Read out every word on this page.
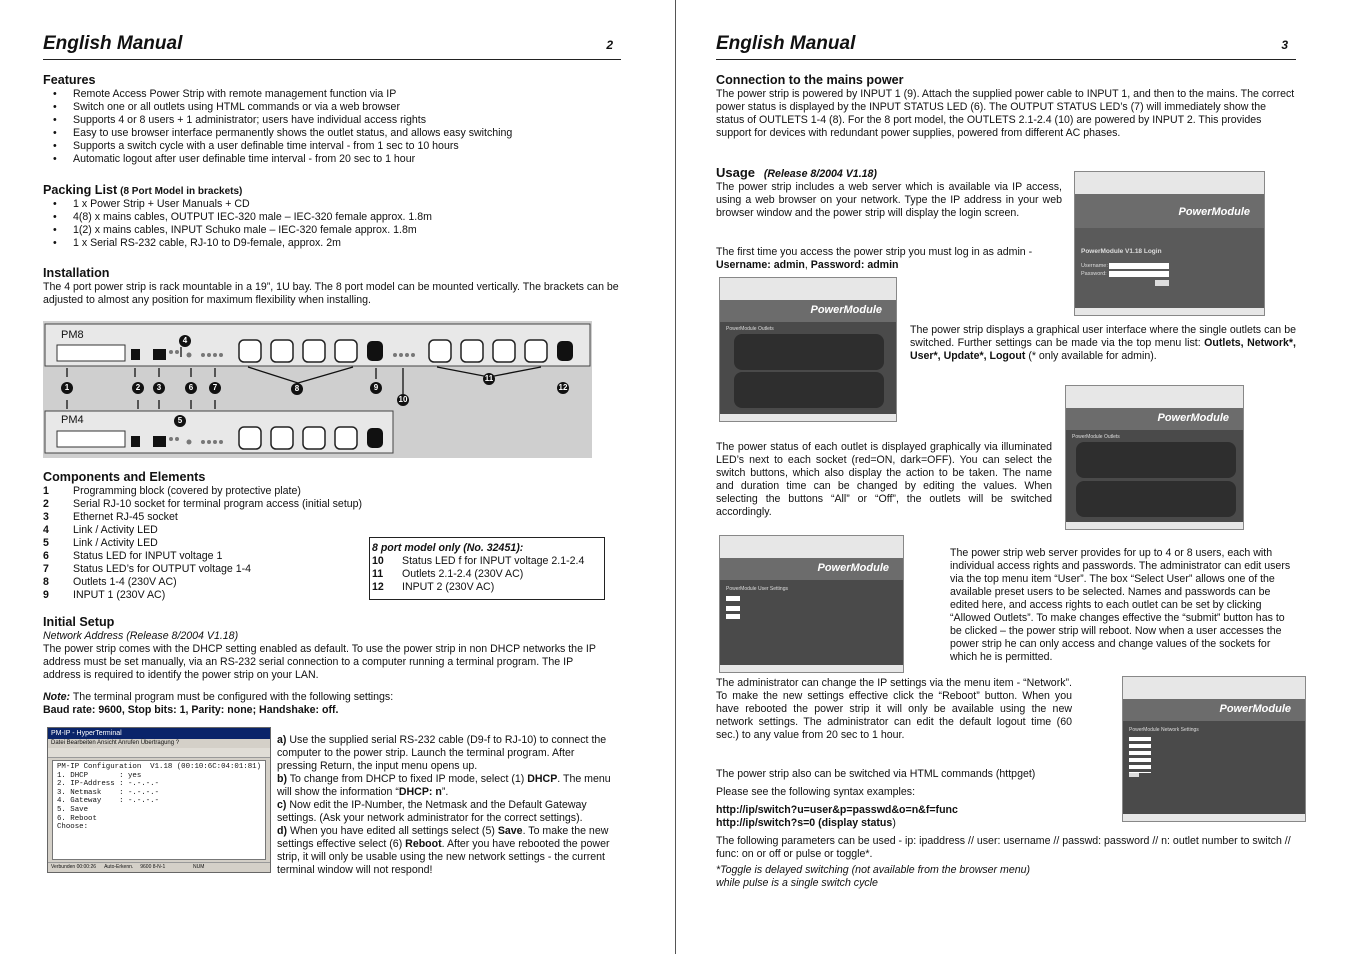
English Manual	2
Features
• Remote Access Power Strip with remote management function via IP
• Switch one or all outlets using HTML commands or via a web browser
• Supports 4 or 8 users + 1 administrator; users have individual access rights
• Easy to use browser interface permanently shows the outlet status, and allows easy switching
• Supports a switch cycle with a user definable time interval - from 1 sec to 10 hours
• Automatic logout after user definable time interval - from 20 sec to 1 hour
Packing List (8 Port Model in brackets)
• 1 x Power Strip + User Manuals + CD
• 4(8) x mains cables, OUTPUT IEC-320 male – IEC-320 female approx. 1.8m
• 1(2) x mains cables, INPUT Schuko male – IEC-320 female approx. 1.8m
• 1 x Serial RS-232 cable, RJ-10 to D9-female, approx. 2m
Installation
The 4 port power strip is rack mountable in a 19”, 1U bay. The 8 port model can be mounted vertically. The brackets can be adjusted to almost any position for maximum flexibility when installing.
PM8
PM4
1	2	3
4
5
6	7	8	9
10
11
12
Components and Elements
1	Programming block (covered by protective plate)
2	Serial RJ-10 socket for terminal program access (initial setup)
3	Ethernet RJ-45 socket
4	Link / Activity LED
5	Link / Activity LED
6	Status LED for INPUT voltage 1
7	Status LED’s for OUTPUT voltage 1-4
8	Outlets 1-4 (230V AC)
9	INPUT 1 (230V AC)
8 port model only (No. 32451):
10	Status LED f for INPUT voltage 2.1-2.4
11	Outlets 2.1-2.4 (230V AC)
12	INPUT 2 (230V AC)
Initial Setup
Network Address (Release 8/2004 V1.18)
The power strip comes with the DHCP setting enabled as default. To use the power strip in non DHCP networks the IP address must be set manually, via an RS-232 serial connection to a computer running a terminal program. The IP address is required to identify the power strip on your LAN.
Note: The terminal program must be configured with the following settings:
Baud rate: 9600, Stop bits: 1, Parity: none; Handshake: off.
PM-IP - HyperTerminal
Datei Bearbeiten Ansicht Anrufen Übertragung ?
PM-IP Configuration  V1.18 (00:10:6C:04:01:81)
1. DHCP       : yes
2. IP-Address : -.-.-.-
3. Netmask    : -.-.-.-
4. Gateway    : -.-.-.-
5. Save
6. Reboot
Choose:
Verbunden 00:00:26      Auto-Erkenn.     9600 8-N-1                    NUM
a) Use the supplied serial RS-232 cable (D9-f to RJ-10) to connect the computer to the power strip. Launch the terminal program. After pressing Return, the input menu opens up.
b) To change from DHCP to fixed IP mode, select (1) DHCP. The menu will show the information “DHCP: n”.
c) Now edit the IP-Number, the Netmask and the Default Gateway settings. (Ask your network administrator for the correct settings).
d) When you have edited all settings select (5) Save. To make the new settings effective select (6) Reboot. After you have rebooted the power strip, it will only be usable using the new network settings - the current terminal window will not respond!
English Manual	3
Connection to the mains power
The power strip is powered by INPUT 1 (9). Attach the supplied power cable to INPUT 1, and then to the mains. The correct power status is displayed by the INPUT STATUS LED (6). The OUTPUT STATUS LED’s (7) will immediately show the status of OUTLETS 1-4 (8). For the 8 port model, the OUTLETS 2.1-2.4 (10) are powered by INPUT 2. This provides support for devices with redundant power supplies, powered from different AC phases.
Usage (Release 8/2004 V1.18)
The power strip includes a web server which is available via IP access, using a web browser on your network. Type the IP address in your web browser window and the power strip will display the login screen.
The first time you access the power strip you must log in as admin -
Username: admin, Password: admin
PowerModule
PowerModule V1.18 Login
Username:
Password:
PowerModule
PowerModule Outlets	The power strip displays a graphical user interface where the single outlets can be switched. Further settings can be made via the top menu list: Outlets, Network*, User*, Update*, Logout (* only available for admin).
PowerModule
PowerModule Outlets
The power status of each outlet is displayed graphically via illuminated LED’s next to each socket (red=ON, dark=OFF). You can select the switch buttons, which also display the action to be taken. The name and duration time can be changed by editing the values. When selecting the buttons “All” or “Off”, the outlets will be switched accordingly.
PowerModule
PowerModule User Settings
The power strip web server provides for up to 4 or 8 users, each with individual access rights and passwords. The administrator can edit users via the top menu item “User”. The box “Select User” allows one of the available preset users to be selected. Names and passwords can be edited here, and access rights to each outlet can be set by clicking “Allowed Outlets”. To make changes effective the “submit” button has to be clicked – the power strip will reboot. Now when a user accesses the power strip he can only access and change values of the sockets for which he is permitted.
PowerModule
PowerModule Network Settings
The administrator can change the IP settings via the menu item - “Network”. To make the new settings effective click the “Reboot” button. When you have rebooted the power strip it will only be available using the new network settings. The administrator can edit the default logout time (60 sec.) to any value from 20 sec to 1 hour.
The power strip also can be switched via HTML commands (httpget)
Please see the following syntax examples:
http://ip/switch?u=user&p=passwd&o=n&f=func
http://ip/switch?s=0 (display status)
The following parameters can be used - ip: ipaddress // user: username // passwd: password // n: outlet number to switch // func: on or off or pulse or toggle*.
*Toggle is delayed switching (not available from the browser menu)
while pulse is a single switch cycle
